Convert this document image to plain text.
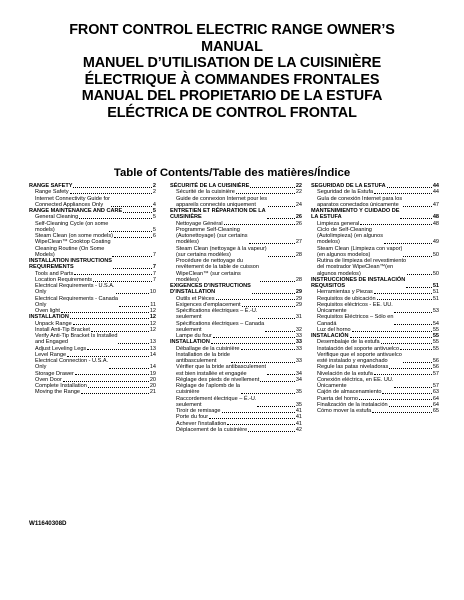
FRONT CONTROL ELECTRIC RANGE OWNER’S
MANUAL
MANUEL D’UTILISATION DE LA CUISINIÈRE
ÉLECTRIQUE À COMMANDES FRONTALES
MANUAL DEL PROPIETARIO DE LA ESTUFA
ELÉCTRICA DE CONTROL FRONTAL
Table of Contents/Table des matières/Índice
RANGE SAFETY	2
Range Safety	2
Internet Connectivity Guide for
Connected Appliances Only	4
RANGE MAINTENANCE AND CARE	5
General Cleaning	5
Self-Cleaning Cycle (on some
models)	5
Steam Clean (on some models)	6
WipeClean™ Cooktop Coating
Cleaning Routine (On Some
Models)	7
INSTALLATION INSTRUCTIONS
REQUIREMENTS	7
Tools and Parts	7
Location Requirements	7
Electrical Requirements - U.S.A.
Only	10
Electrical Requirements - Canada
Only	11
Oven light	12
INSTALLATION	12
Unpack Range	12
Install Anti-Tip Bracket	12
Verify Anti-Tip Bracket Is Installed
and Engaged	13
Adjust Leveling Legs	13
Level Range	14
Electrical Connection - U.S.A.
Only	14
Storage Drawer	19
Oven Door	20
Complete Installation	20
Moving the Range	21
SÉCURITÉ DE LA CUISINIÈRE	22
Sécurité de la cuisinière	22
Guide de connexion Internet pour les
appareils connectés uniquement	24
ENTRETIEN ET RÉPARATION DE LA
CUISINIÈRE	26
Nettoyage Général	26
Programme Self-Cleaning
(Autonettoyage) (sur certains
modèles)	27
Steam Clean (nettoyage à la vapeur)
(sur certains modèles)	28
Procédure de nettoyage du
revêtement de la table de cuisson
WipeClean™ (sur certains
modèles)	28
EXIGENCES D'INSTRUCTIONS
D'INSTALLATION	29
Outils et Pièces	29
Exigences d'emplacement	29
Spécifications électriques – É.-U.
seulement	31
Spécifications électriques – Canada
seulement	32
Lampe du four	33
INSTALLATION	33
Déballage de la cuisinière	33
Installation de la bride
antibasculement	33
Vérifier que la bride antibasculement
est bien installée et engagée	34
Réglage des pieds de nivellement	34
Réglage de l'aplomb de la
cuisinière	35
Raccordement électrique – É.-U.
seulement	35
Tiroir de remisage	41
Porte du four	41
Achever l'installation	41
Déplacement de la cuisinière	42
SEGURIDAD DE LA ESTUFA	44
Seguridad de la Estufa	44
Guía de conexión Internet para los
aparatos conectados únicamente	47
MANTENIMIENTO Y CUIDADO DE
LA ESTUFA	48
Limpieza general	48
Ciclo de Self-Cleaning
(Autolimpieza) (en algunos
modelos)	49
Steam Clean (Limpieza con vapor)
(en algunos modelos)	50
Rutina de limpieza del revestimiento
del mostrador WipeClean™(en
algunos modelos)	50
INSTRUCCIONES DE INSTALACIÓN
REQUISITOS	51
Herramientas y Piezas	51
Requisitos de ubicación	51
Requisitos eléctricos - EE. UU.
Únicamente	53
Requisitos Eléctricos – Sólo en
Canadá	54
Luz del horno	55
INSTALACIÓN	55
Desembalaje de la estufa	55
Instalación del soporte antivuelco	55
Verifique que el soporte antivuelco
esté instalado y enganchado	56
Regule las patas niveladoras	56
Nivelación de la estufa	57
Conexión eléctrica, en EE. UU.
Únicamente	57
Cajón de almacenamiento	63
Puerta del horno	64
Finalización de la instalación	64
Cómo mover la estufa	65
W11640308D
